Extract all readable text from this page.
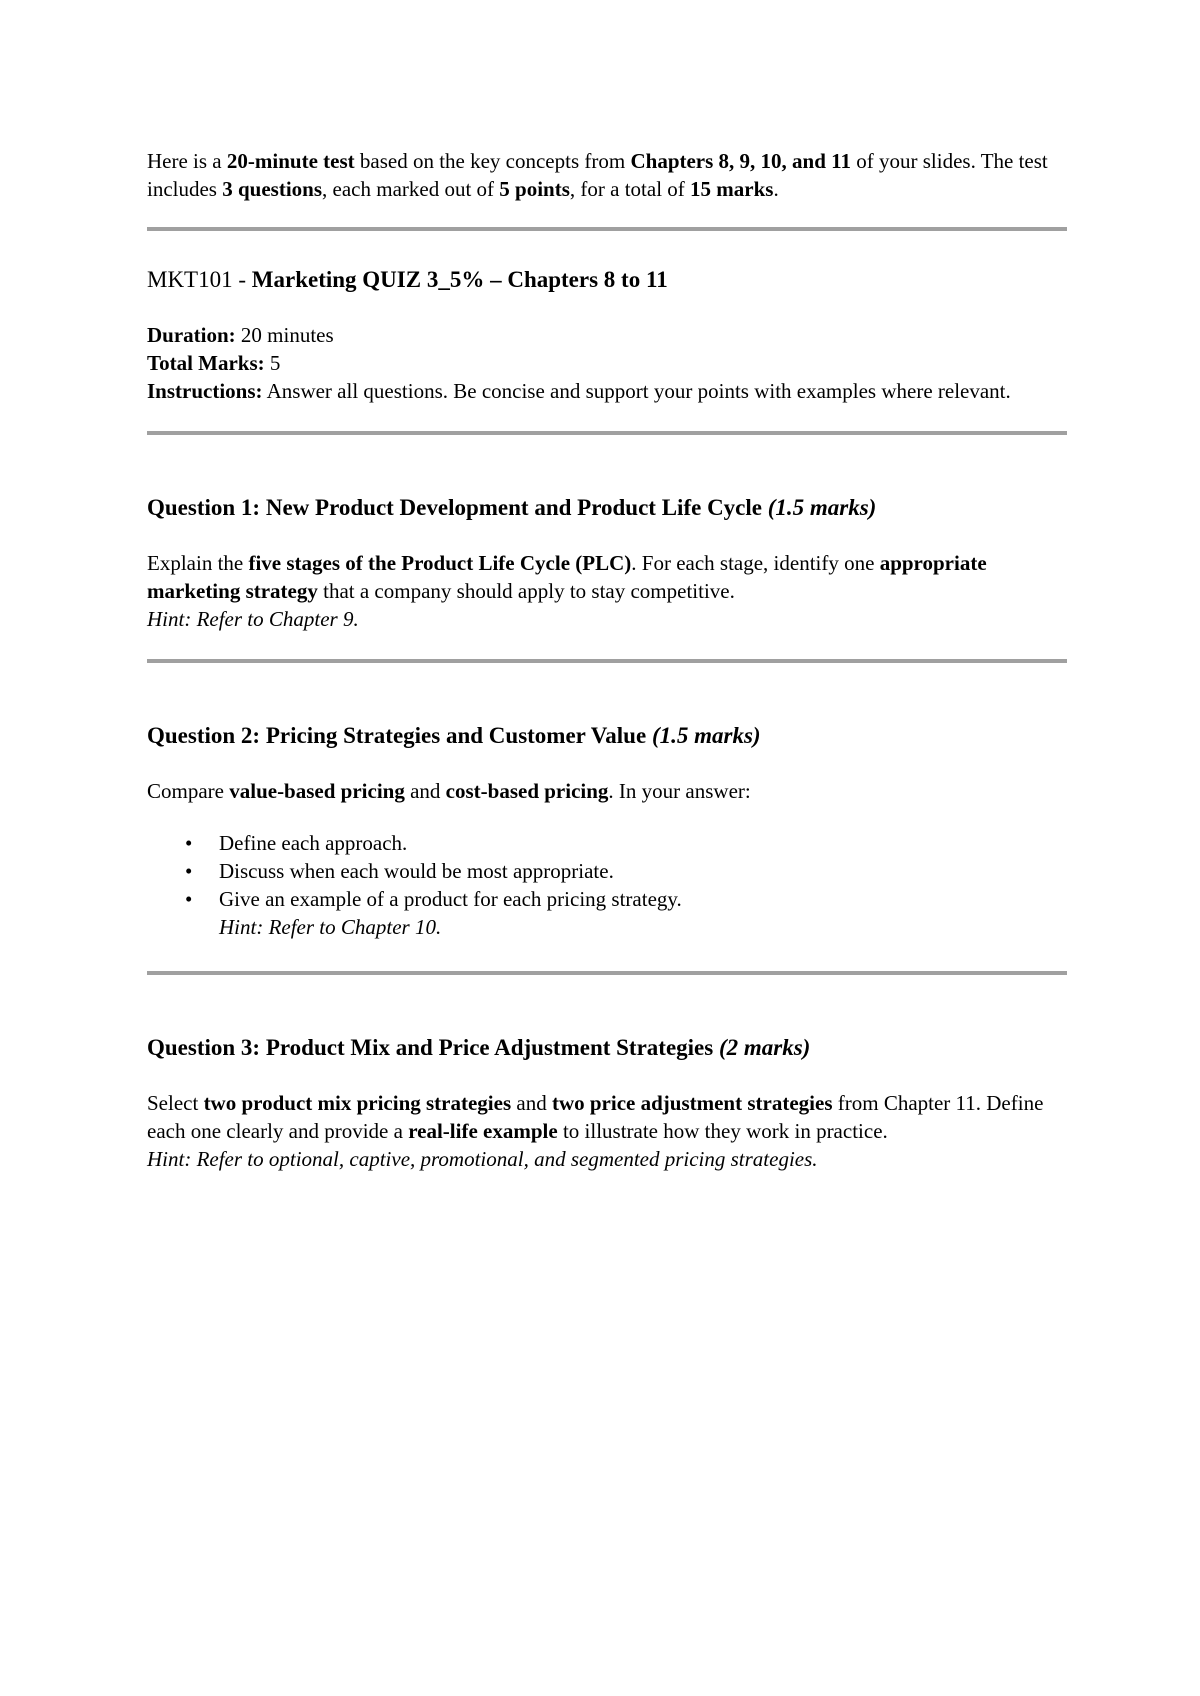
Here is a 20-minute test based on the key concepts from Chapters 8, 9, 10, and 11 of your slides. The test includes 3 questions, each marked out of 5 points, for a total of 15 marks.

MKT101 - Marketing QUIZ 3_5% – Chapters 8 to 11

Duration: 20 minutes

Total Marks: 5

Instructions: Answer all questions. Be concise and support your points with examples where relevant.

Question 1: New Product Development and Product Life Cycle (1.5 marks)

Explain the five stages of the Product Life Cycle (PLC). For each stage, identify one appropriate marketing strategy that a company should apply to stay competitive.

Hint: Refer to Chapter 9.

Question 2: Pricing Strategies and Customer Value (1.5 marks)

Compare value-based pricing and cost-based pricing. In your answer:

• Define each approach.
• Discuss when each would be most appropriate.
• Give an example of a product for each pricing strategy.

Hint: Refer to Chapter 10.

Question 3: Product Mix and Price Adjustment Strategies (2 marks)

Select two product mix pricing strategies and two price adjustment strategies from Chapter 11. Define each one clearly and provide a real-life example to illustrate how they work in practice.

Hint: Refer to optional, captive, promotional, and segmented pricing strategies.
